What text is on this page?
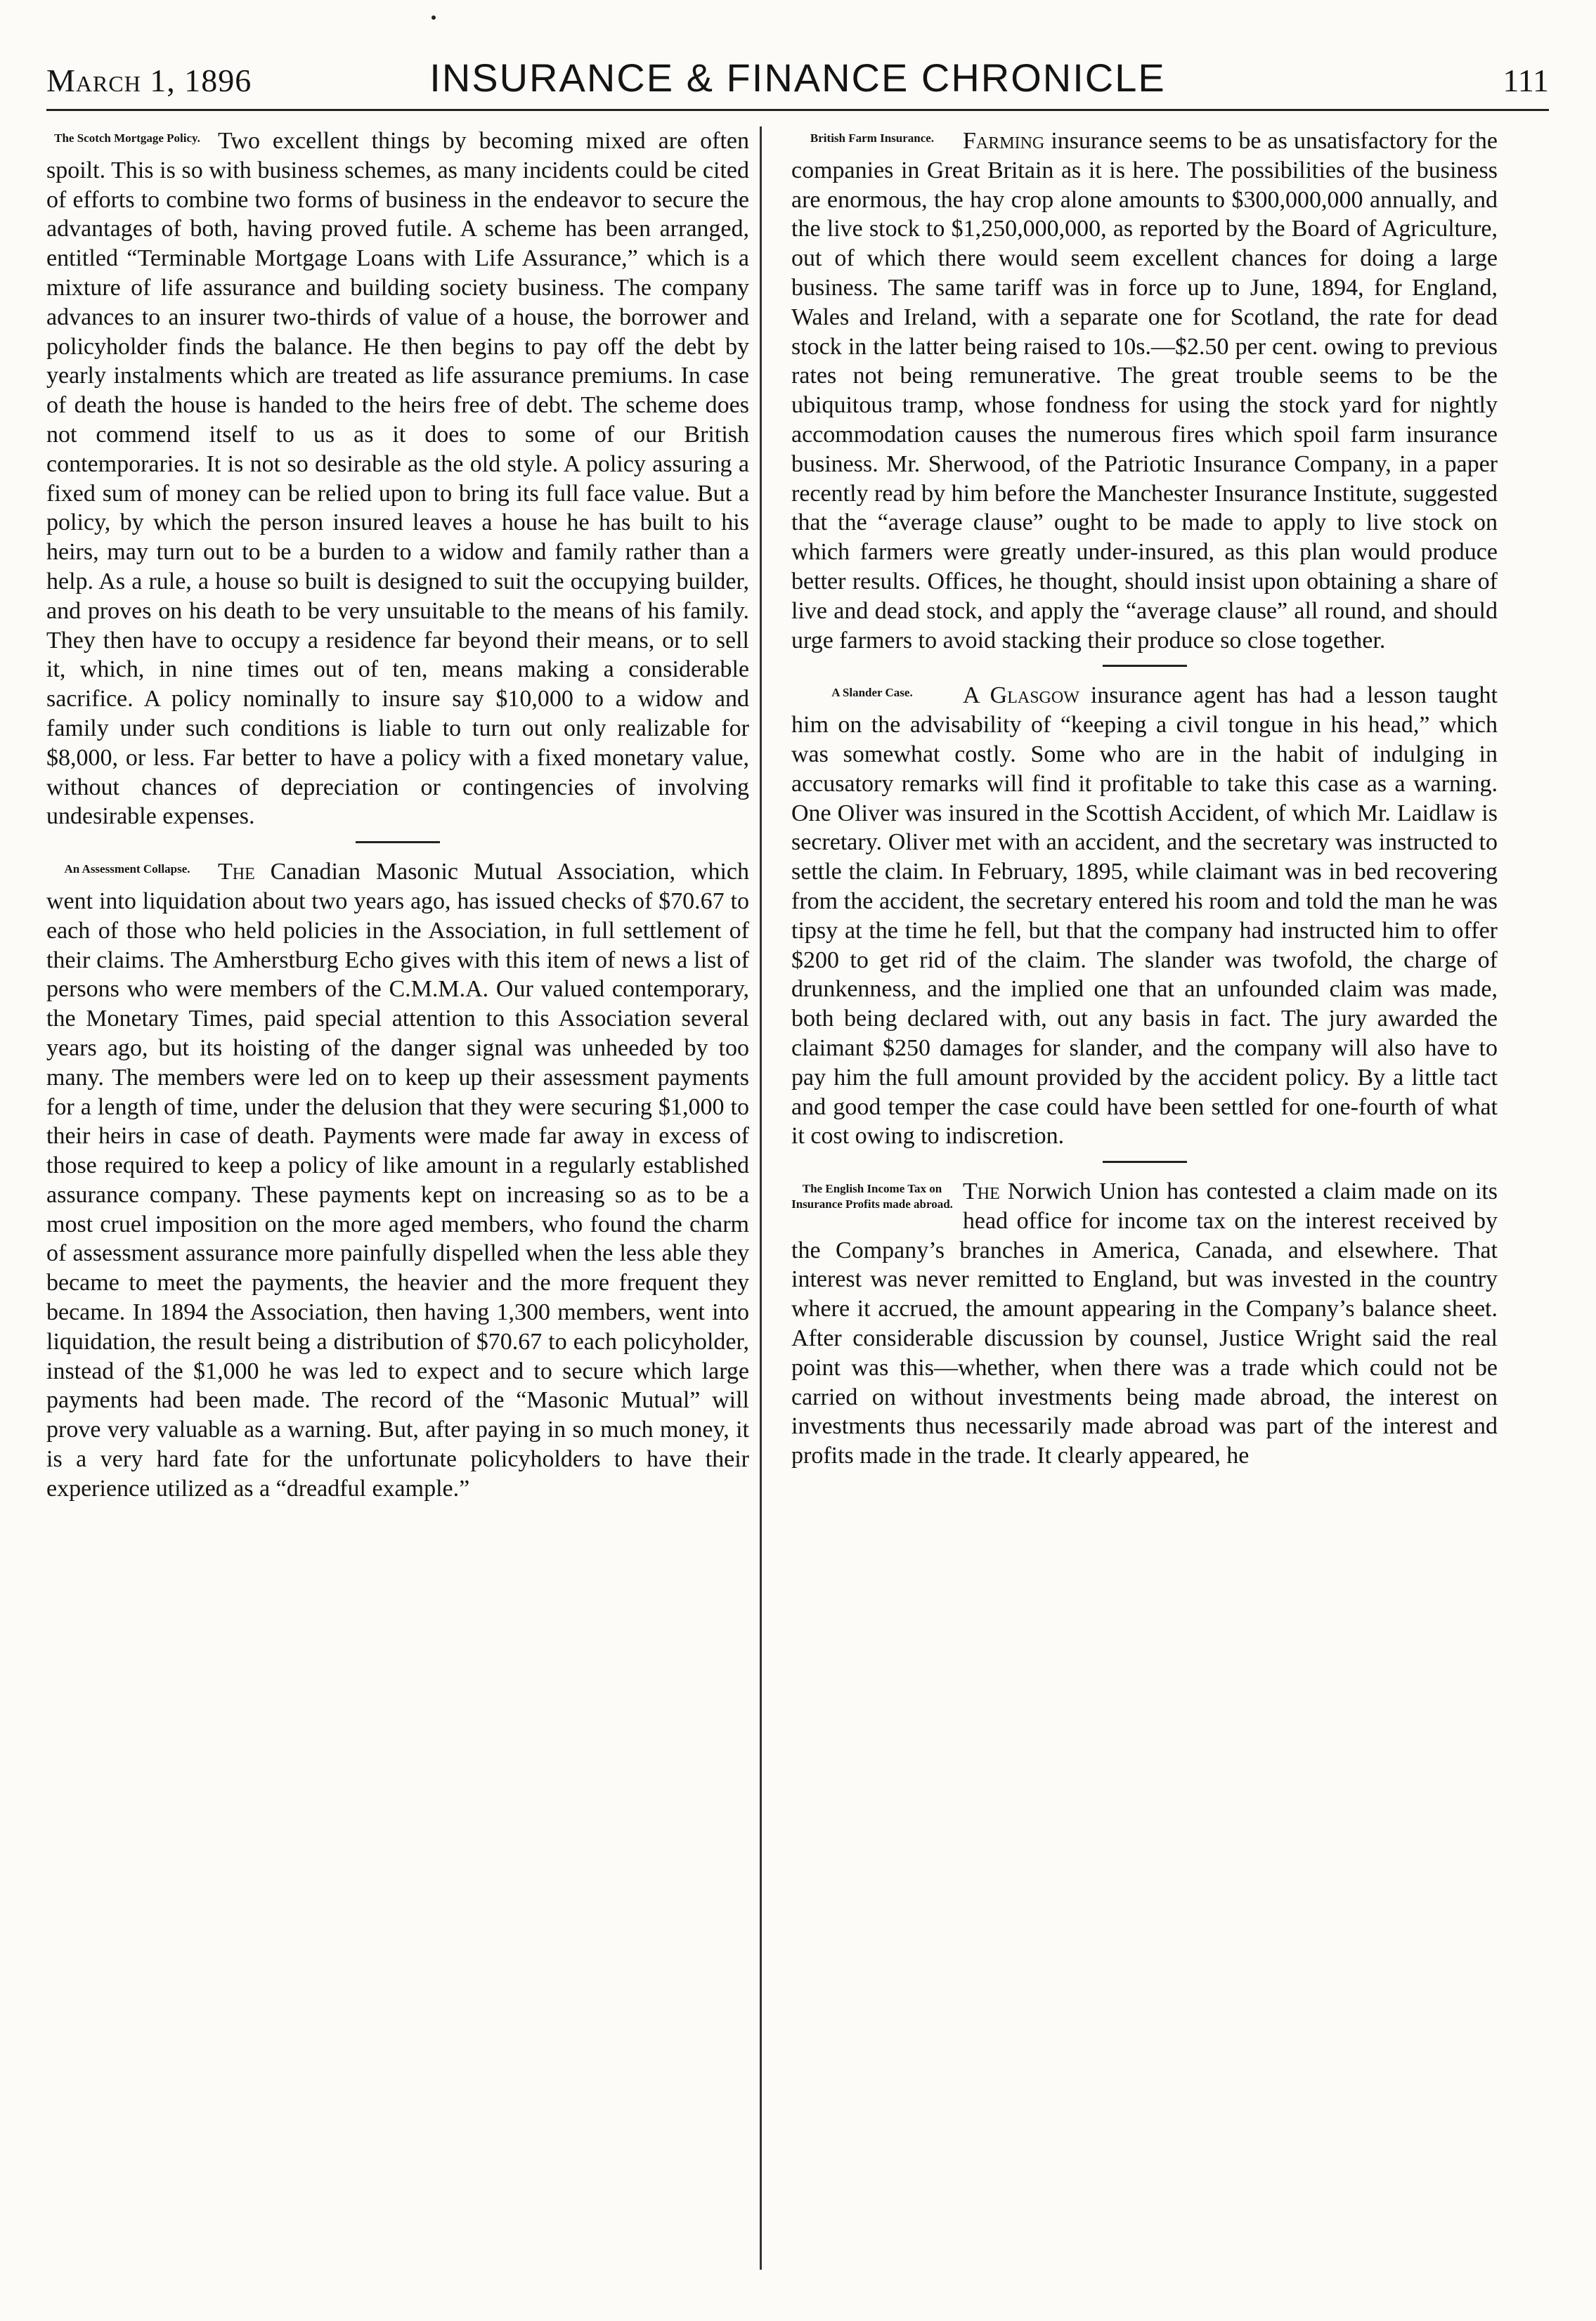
March 1, 1896	INSURANCE & FINANCE CHRONICLE	111

The Scotch Mortgage Policy. Two excellent things by becoming mixed are often spoilt. This is so with business schemes, as many incidents could be cited of efforts to combine two forms of business in the endeavor to secure the advantages of both, having proved futile. A scheme has been arranged, entitled “Terminable Mortgage Loans with Life Assurance,” which is a mixture of life assurance and building society business. The company advances to an insurer two-thirds of value of a house, the borrower and policyholder finds the balance. He then begins to pay off the debt by yearly instalments which are treated as life assurance premiums. In case of death the house is handed to the heirs free of debt. The scheme does not commend itself to us as it does to some of our British contemporaries. It is not so desirable as the old style. A policy assuring a fixed sum of money can be relied upon to bring its full face value. But a policy, by which the person insured leaves a house he has built to his heirs, may turn out to be a burden to a widow and family rather than a help. As a rule, a house so built is designed to suit the occupying builder, and proves on his death to be very unsuitable to the means of his family. They then have to occupy a residence far beyond their means, or to sell it, which, in nine times out of ten, means making a considerable sacrifice. A policy nominally to insure say $10,000 to a widow and family under such conditions is liable to turn out only realizable for $8,000, or less. Far better to have a policy with a fixed monetary value, without chances of depreciation or contingencies of involving undesirable expenses.

An Assessment Collapse.	The Canadian Masonic Mutual Association, which went into liquidation about two years ago, has issued checks of $70.67 to each of those who held policies in the Association, in full settlement of their claims. The Amherstburg Echo gives with this item of news a list of persons who were members of the C.M.M.A. Our valued contemporary, the Monetary Times, paid special attention to this Association several years ago, but its hoisting of the danger signal was unheeded by too many. The members were led on to keep up their assessment payments for a length of time, under the delusion that they were securing $1,000 to their heirs in case of death. Payments were made far away in excess of those required to keep a policy of like amount in a regularly established assurance company. These payments kept on increasing so as to be a most cruel imposition on the more aged members, who found the charm of assessment assurance more painfully dispelled when the less able they became to meet the payments, the heavier and the more frequent they became. In 1894 the Association, then having 1,300 members, went into liquidation, the result being a distribution of $70.67 to each policyholder, instead of the $1,000 he was led to expect and to secure which large payments had been made. The record of the “Masonic Mutual” will prove very valuable as a warning. But, after paying in so much money, it is a very hard fate for the unfortunate policyholders to have their experience utilized as a “dreadful example.”

British Farm Insurance.	Farming insurance seems to be as unsatisfactory for the companies in Great Britain as it is here. The possibilities of the business are enormous, the hay crop alone amounts to $300,000,000 annually, and the live stock to $1,250,000,000, as reported by the Board of Agriculture, out of which there would seem excellent chances for doing a large business. The same tariff was in force up to June, 1894, for England, Wales and Ireland, with a separate one for Scotland, the rate for dead stock in the latter being raised to 10s.—$2.50 per cent. owing to previous rates not being remunerative. The great trouble seems to be the ubiquitous tramp, whose fondness for using the stock yard for nightly accommodation causes the numerous fires which spoil farm insurance business. Mr. Sherwood, of the Patriotic Insurance Company, in a paper recently read by him before the Manchester Insurance Institute, suggested that the “average clause” ought to be made to apply to live stock on which farmers were greatly under-insured, as this plan would produce better results. Offices, he thought, should insist upon obtaining a share of live and dead stock, and apply the “average clause” all round, and should urge farmers to avoid stacking their produce so close together.

A Slander Case.	A Glasgow insurance agent has had a lesson taught him on the advisability of “keeping a civil tongue in his head,” which was somewhat costly. Some who are in the habit of indulging in accusatory remarks will find it profitable to take this case as a warning. One Oliver was insured in the Scottish Accident, of which Mr. Laidlaw is secretary. Oliver met with an accident, and the secretary was instructed to settle the claim. In February, 1895, while claimant was in bed recovering from the accident, the secretary entered his room and told the man he was tipsy at the time he fell, but that the company had instructed him to offer $200 to get rid of the claim. The slander was twofold, the charge of drunkenness, and the implied one that an unfounded claim was made, both being declared with, out any basis in fact. The jury awarded the claimant $250 damages for slander, and the company will also have to pay him the full amount provided by the accident policy. By a little tact and good temper the case could have been settled for one-fourth of what it cost owing to indiscretion.

The English Income Tax on Insurance Profits made abroad. The Norwich Union has contested a claim made on its head office for income tax on the interest received by the Company’s branches in America, Canada, and elsewhere. That interest was never remitted to England, but was invested in the country where it accrued, the amount appearing in the Company’s balance sheet. After considerable discussion by counsel, Justice Wright said the real point was this—whether, when there was a trade which could not be carried on without investments being made abroad, the interest on investments thus necessarily made abroad was part of the interest and profits made in the trade. It clearly appeared, he
